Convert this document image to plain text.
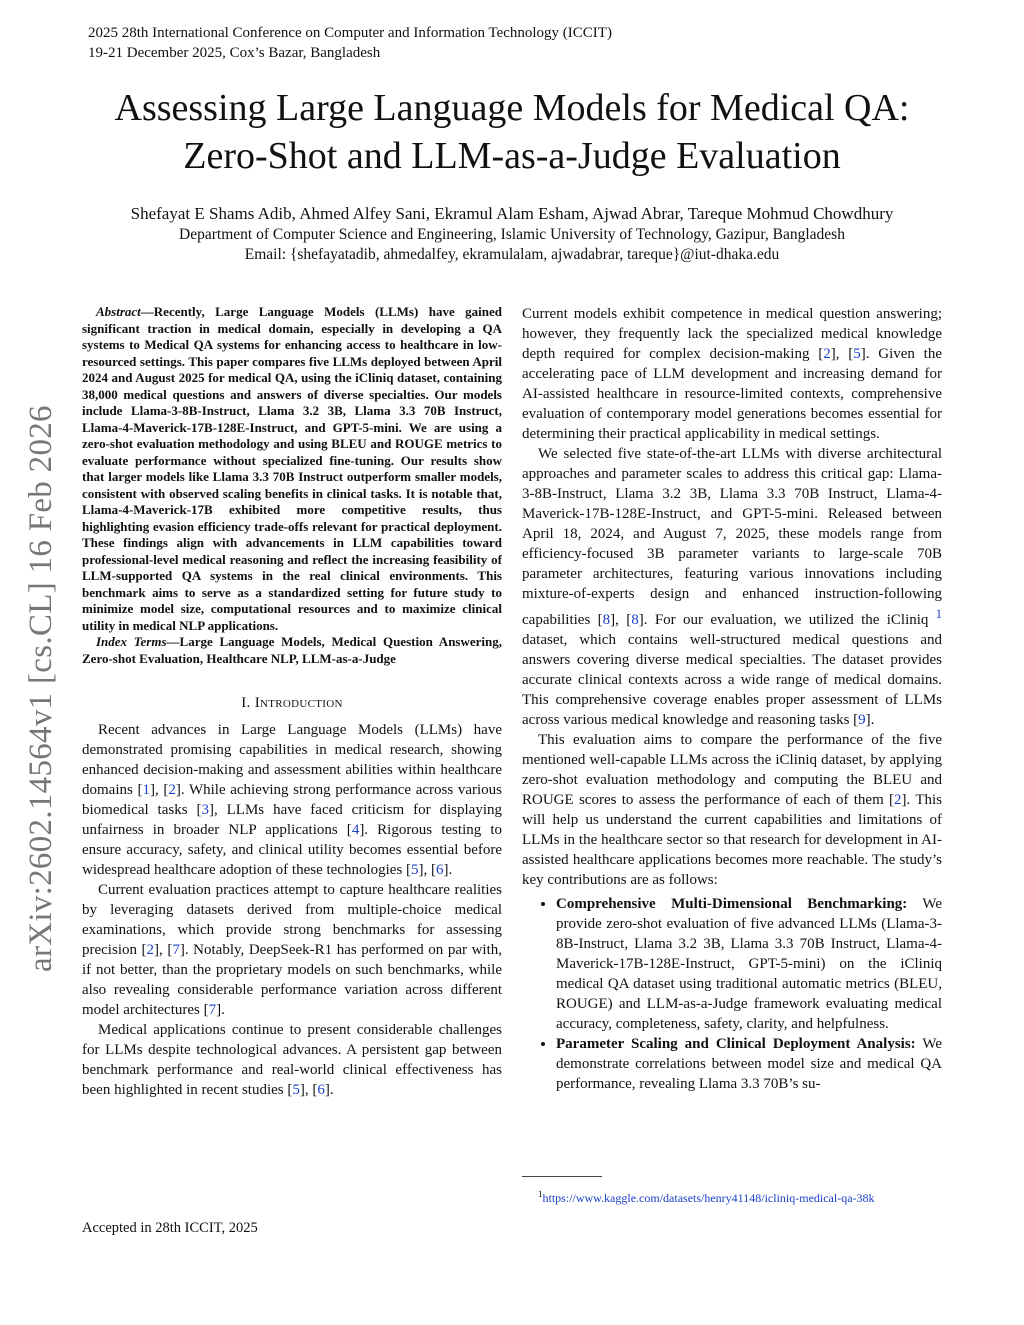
2025 28th International Conference on Computer and Information Technology (ICCIT)
19-21 December 2025, Cox’s Bazar, Bangladesh
Assessing Large Language Models for Medical QA:
Zero-Shot and LLM-as-a-Judge Evaluation
Shefayat E Shams Adib, Ahmed Alfey Sani, Ekramul Alam Esham, Ajwad Abrar, Tareque Mohmud Chowdhury
Department of Computer Science and Engineering, Islamic University of Technology, Gazipur, Bangladesh
Email: {shefayatadib, ahmedalfey, ekramulalam, ajwadabrar, tareque}@iut-dhaka.edu
arXiv:2602.14564v1 [cs.CL] 16 Feb 2026

Abstract—Recently, Large Language Models (LLMs) have gained significant traction in medical domain, especially in developing a QA systems to Medical QA systems for enhancing access to healthcare in low-resourced settings. This paper compares five LLMs deployed between April 2024 and August 2025 for medical QA, using the iCliniq dataset, containing 38,000 medical questions and answers of diverse specialties. Our models include Llama-3-8B-Instruct, Llama 3.2 3B, Llama 3.3 70B Instruct, Llama-4-Maverick-17B-128E-Instruct, and GPT-5-mini. We are using a zero-shot evaluation methodology and using BLEU and ROUGE metrics to evaluate performance without specialized fine-tuning. Our results show that larger models like Llama 3.3 70B Instruct outperform smaller models, consistent with observed scaling benefits in clinical tasks. It is notable that, Llama-4-Maverick-17B exhibited more competitive results, thus highlighting evasion efficiency trade-offs relevant for practical deployment. These findings align with advancements in LLM capabilities toward professional-level medical reasoning and reflect the increasing feasibility of LLM-supported QA systems in the real clinical environments. This benchmark aims to serve as a standardized setting for future study to minimize model size, computational resources and to maximize clinical utility in medical NLP applications.

Index Terms—Large Language Models, Medical Question Answering, Zero-shot Evaluation, Healthcare NLP, LLM-as-a-Judge

I. Introduction

Recent advances in Large Language Models (LLMs) have demonstrated promising capabilities in medical research, showing enhanced decision-making and assessment abilities within healthcare domains [1], [2]. While achieving strong performance across various biomedical tasks [3], LLMs have faced criticism for displaying unfairness in broader NLP applications [4]. Rigorous testing to ensure accuracy, safety, and clinical utility becomes essential before widespread healthcare adoption of these technologies [5], [6].

Current evaluation practices attempt to capture healthcare realities by leveraging datasets derived from multiple-choice medical examinations, which provide strong benchmarks for assessing precision [2], [7]. Notably, DeepSeek-R1 has performed on par with, if not better, than the proprietary models on such benchmarks, while also revealing considerable performance variation across different model architectures [7].

Medical applications continue to present considerable challenges for LLMs despite technological advances. A persistent gap between benchmark performance and real-world clinical effectiveness has been highlighted in recent studies [5], [6].

Current models exhibit competence in medical question answering; however, they frequently lack the specialized medical knowledge depth required for complex decision-making [2], [5]. Given the accelerating pace of LLM development and increasing demand for AI-assisted healthcare in resource-limited contexts, comprehensive evaluation of contemporary model generations becomes essential for determining their practical applicability in medical settings.

We selected five state-of-the-art LLMs with diverse architectural approaches and parameter scales to address this critical gap: Llama-3-8B-Instruct, Llama 3.2 3B, Llama 3.3 70B Instruct, Llama-4-Maverick-17B-128E-Instruct, and GPT-5-mini. Released between April 18, 2024, and August 7, 2025, these models range from efficiency-focused 3B parameter variants to large-scale 70B parameter architectures, featuring various innovations including mixture-of-experts design and enhanced instruction-following capabilities [8], [8]. For our evaluation, we utilized the iCliniq $^1$ dataset, which contains well-structured medical questions and answers covering diverse medical specialties. The dataset provides accurate clinical contexts across a wide range of medical domains. This comprehensive coverage enables proper assessment of LLMs across various medical knowledge and reasoning tasks [9].

This evaluation aims to compare the performance of the five mentioned well-capable LLMs across the iCliniq dataset, by applying zero-shot evaluation methodology and computing the BLEU and ROUGE scores to assess the performance of each of them [2]. This will help us understand the current capabilities and limitations of LLMs in the healthcare sector so that research for development in AI-assisted healthcare applications becomes more reachable. The study’s key contributions are as follows:

• Comprehensive Multi-Dimensional Benchmarking: We provide zero-shot evaluation of five advanced LLMs (Llama-3-8B-Instruct, Llama 3.2 3B, Llama 3.3 70B Instruct, Llama-4-Maverick-17B-128E-Instruct, GPT-5-mini) on the iCliniq medical QA dataset using traditional automatic metrics (BLEU, ROUGE) and LLM-as-a-Judge framework evaluating medical accuracy, completeness, safety, clarity, and helpfulness.
• Parameter Scaling and Clinical Deployment Analysis: We demonstrate correlations between model size and medical QA performance, revealing Llama 3.3 70B’s su-
$^1$https://www.kaggle.com/datasets/henry41148/icliniq-medical-qa-38k
Accepted in 28th ICCIT, 2025
